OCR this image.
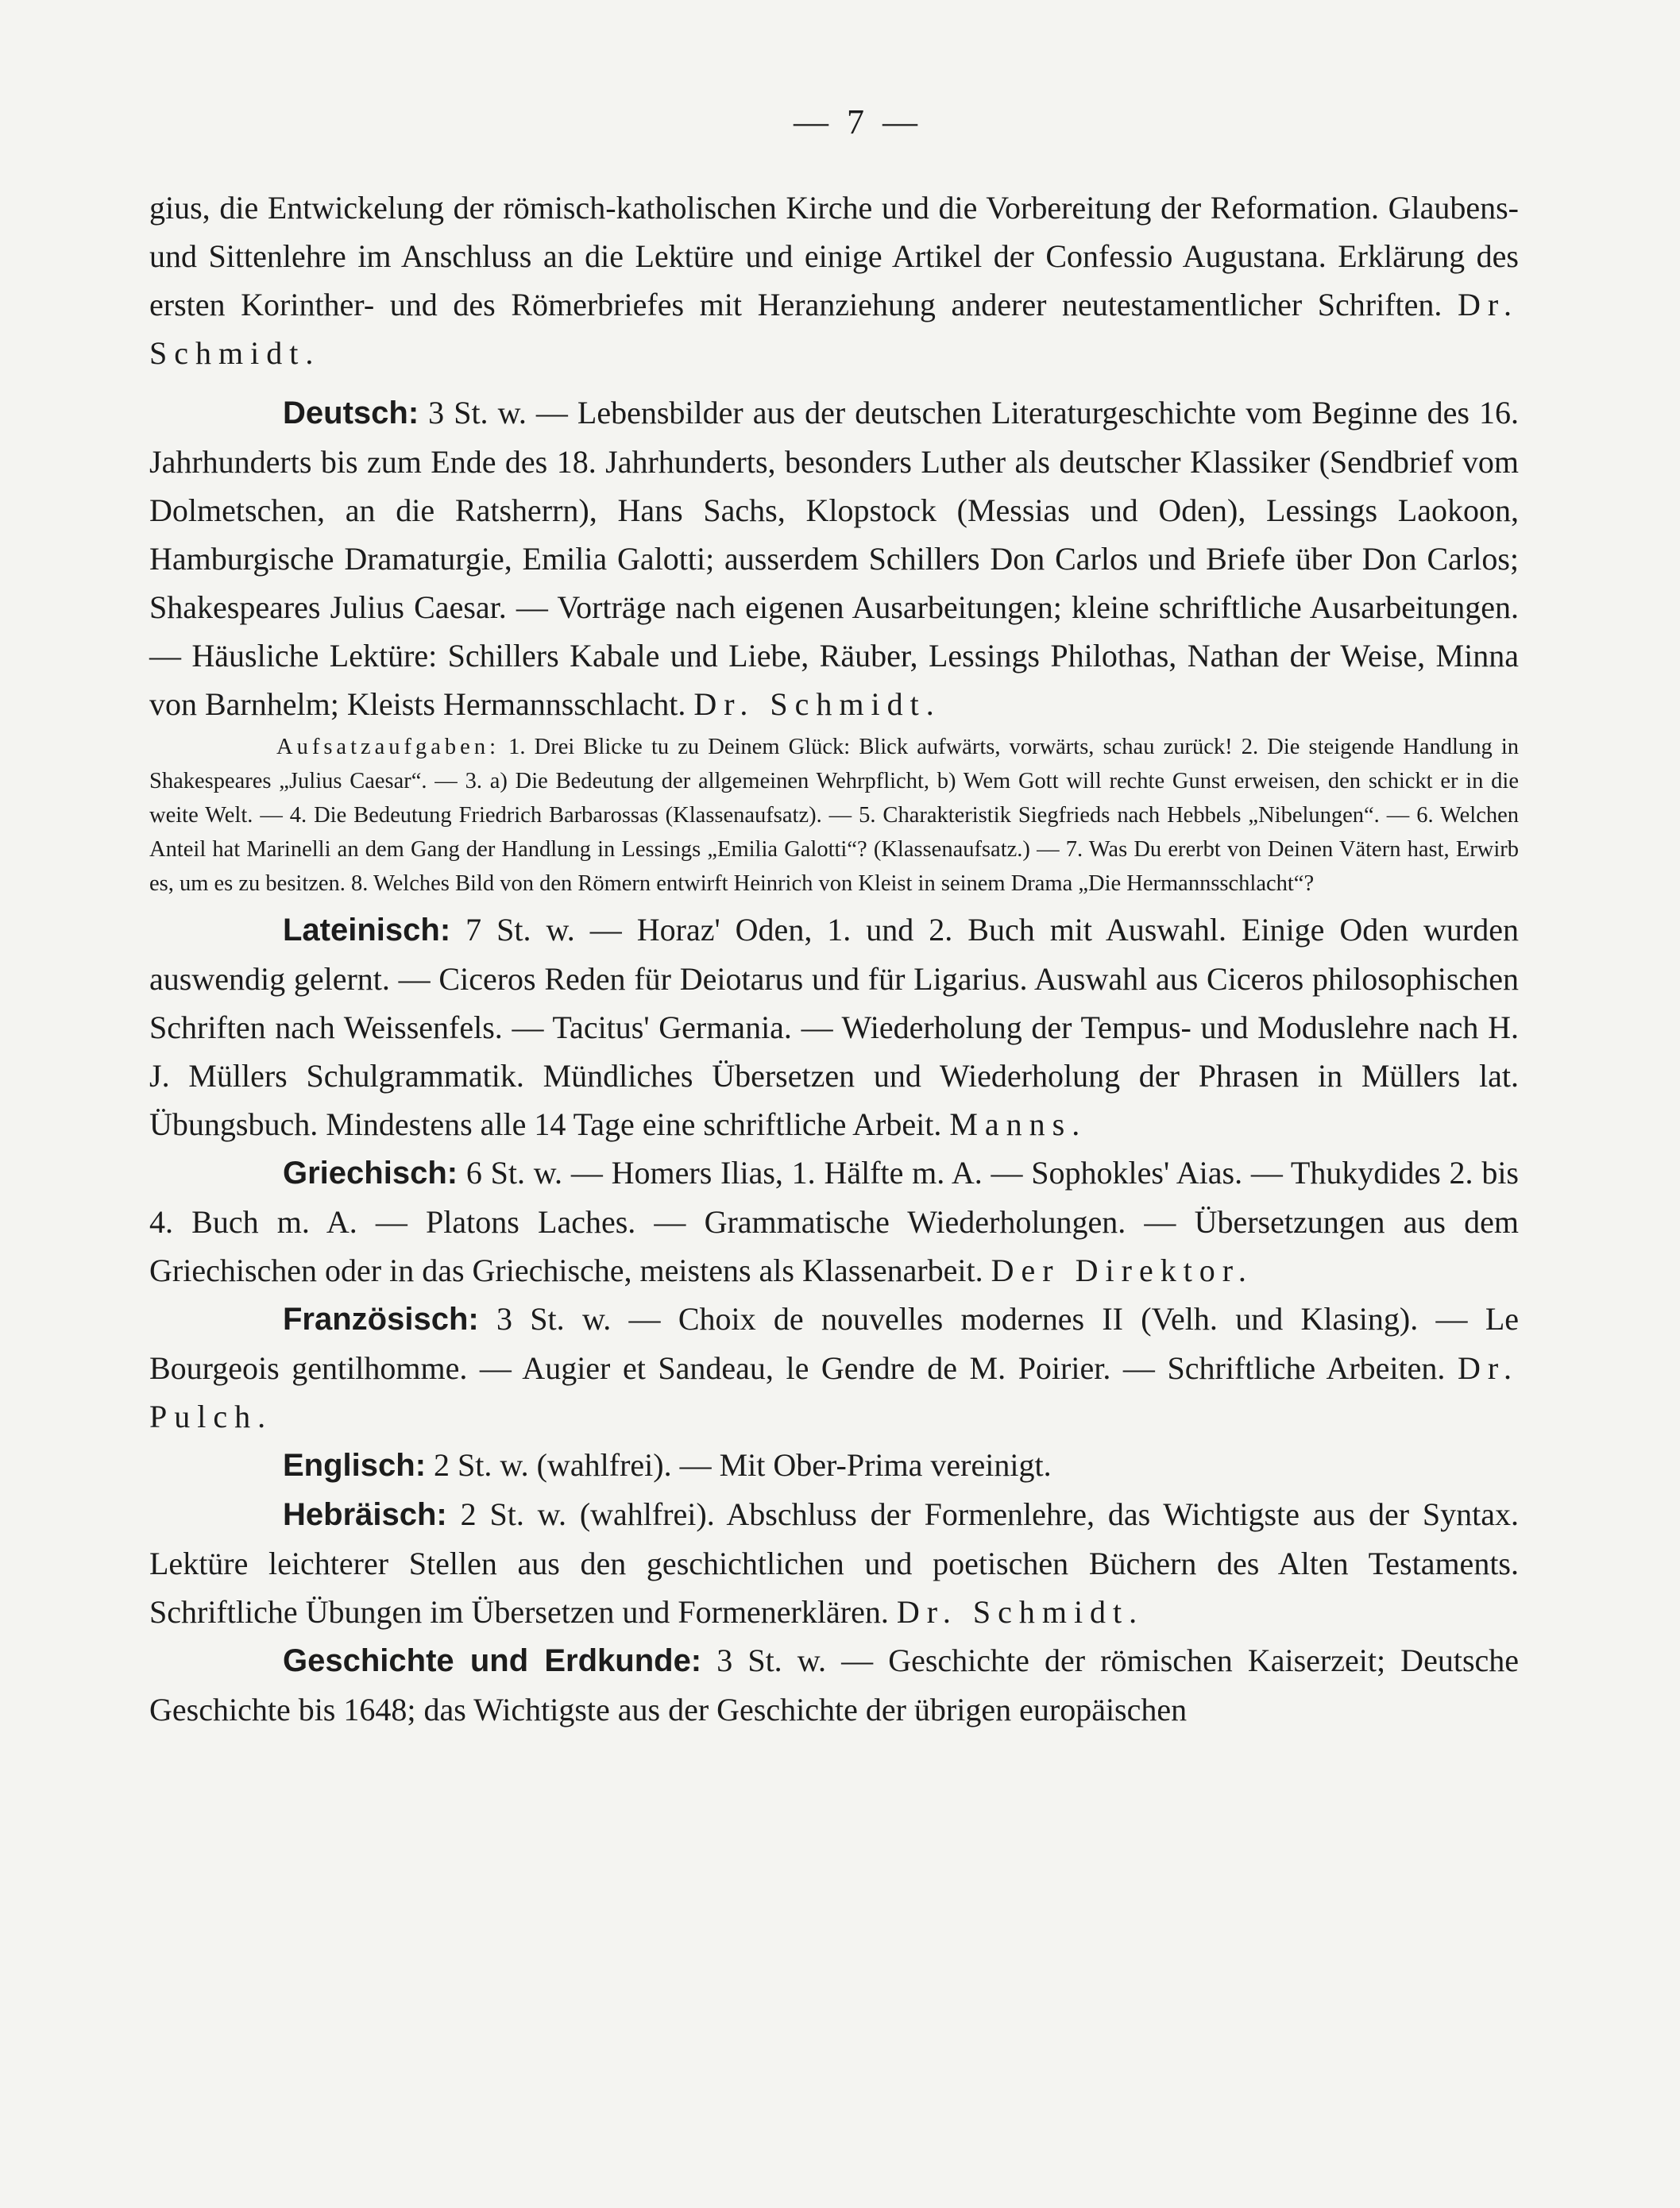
— 7 —

gius, die Entwickelung der römisch-katholischen Kirche und die Vorbereitung der Reformation. Glaubens- und Sittenlehre im Anschluss an die Lektüre und einige Artikel der Confessio Augustana. Erklärung des ersten Korinther- und des Römerbriefes mit Heranziehung anderer neutestamentlicher Schriften. Dr. Schmidt.

Deutsch: 3 St. w. — Lebensbilder aus der deutschen Literaturgeschichte vom Beginne des 16. Jahrhunderts bis zum Ende des 18. Jahrhunderts, besonders Luther als deutscher Klassiker (Sendbrief vom Dolmetschen, an die Ratsherrn), Hans Sachs, Klopstock (Messias und Oden), Lessings Laokoon, Hamburgische Dramaturgie, Emilia Galotti; ausserdem Schillers Don Carlos und Briefe über Don Carlos; Shakespeares Julius Caesar. — Vorträge nach eigenen Ausarbeitungen; kleine schriftliche Ausarbeitungen. — Häusliche Lektüre: Schillers Kabale und Liebe, Räuber, Lessings Philothas, Nathan der Weise, Minna von Barnhelm; Kleists Hermannsschlacht. Dr. Schmidt.

Aufsatzaufgaben: 1. Drei Blicke tu zu Deinem Glück: Blick aufwärts, vorwärts, schau zurück! 2. Die steigende Handlung in Shakespeares „Julius Caesar“. — 3. a) Die Bedeutung der allgemeinen Wehrpflicht, b) Wem Gott will rechte Gunst erweisen, den schickt er in die weite Welt. — 4. Die Bedeutung Friedrich Barbarossas (Klassenaufsatz). — 5. Charakteristik Siegfrieds nach Hebbels „Nibelungen“. — 6. Welchen Anteil hat Marinelli an dem Gang der Handlung in Lessings „Emilia Galotti“? (Klassenaufsatz.) — 7. Was Du ererbt von Deinen Vätern hast, Erwirb es, um es zu besitzen. 8. Welches Bild von den Römern entwirft Heinrich von Kleist in seinem Drama „Die Hermannsschlacht“?

Lateinisch: 7 St. w. — Horaz' Oden, 1. und 2. Buch mit Auswahl. Einige Oden wurden auswendig gelernt. — Ciceros Reden für Deiotarus und für Ligarius. Auswahl aus Ciceros philosophischen Schriften nach Weissenfels. — Tacitus' Germania. — Wiederholung der Tempus- und Moduslehre nach H. J. Müllers Schulgrammatik. Mündliches Übersetzen und Wiederholung der Phrasen in Müllers lat. Übungsbuch. Mindestens alle 14 Tage eine schriftliche Arbeit. Manns.

Griechisch: 6 St. w. — Homers Ilias, 1. Hälfte m. A. — Sophokles' Aias. — Thukydides 2. bis 4. Buch m. A. — Platons Laches. — Grammatische Wiederholungen. — Übersetzungen aus dem Griechischen oder in das Griechische, meistens als Klassenarbeit. Der Direktor.

Französisch: 3 St. w. — Choix de nouvelles modernes II (Velh. und Klasing). — Le Bourgeois gentilhomme. — Augier et Sandeau, le Gendre de M. Poirier. — Schriftliche Arbeiten. Dr. Pulch.

Englisch: 2 St. w. (wahlfrei). — Mit Ober-Prima vereinigt.

Hebräisch: 2 St. w. (wahlfrei). Abschluss der Formenlehre, das Wichtigste aus der Syntax. Lektüre leichterer Stellen aus den geschichtlichen und poetischen Büchern des Alten Testaments. Schriftliche Übungen im Übersetzen und Formenerklären. Dr. Schmidt.

Geschichte und Erdkunde: 3 St. w. — Geschichte der römischen Kaiserzeit; Deutsche Geschichte bis 1648; das Wichtigste aus der Geschichte der übrigen europäischen
